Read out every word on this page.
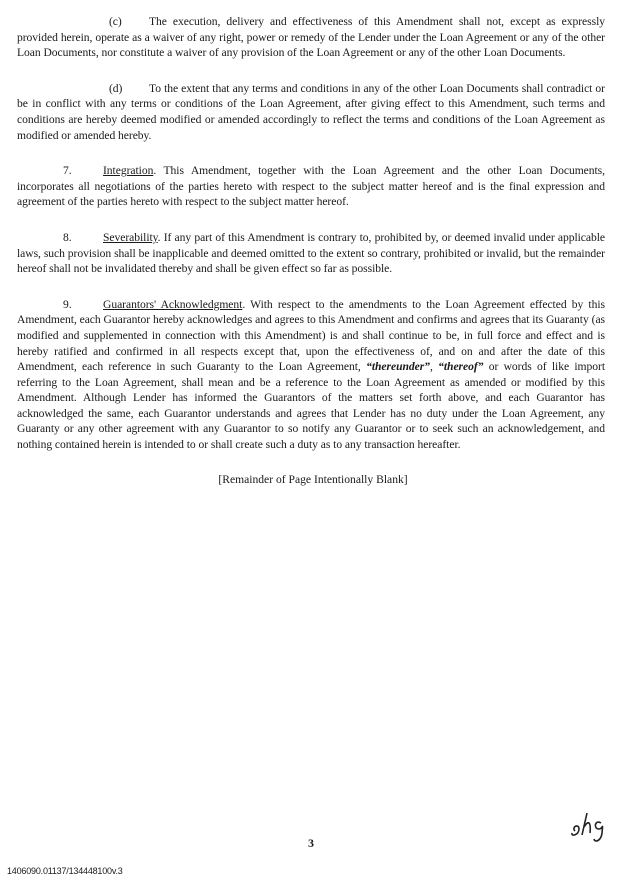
(c) The execution, delivery and effectiveness of this Amendment shall not, except as expressly provided herein, operate as a waiver of any right, power or remedy of the Lender under the Loan Agreement or any of the other Loan Documents, nor constitute a waiver of any provision of the Loan Agreement or any of the other Loan Documents.

(d) To the extent that any terms and conditions in any of the other Loan Documents shall contradict or be in conflict with any terms or conditions of the Loan Agreement, after giving effect to this Amendment, such terms and conditions are hereby deemed modified or amended accordingly to reflect the terms and conditions of the Loan Agreement as modified or amended hereby.

7.	Integration. This Amendment, together with the Loan Agreement and the other Loan Documents, incorporates all negotiations of the parties hereto with respect to the subject matter hereof and is the final expression and agreement of the parties hereto with respect to the subject matter hereof.

8.	Severability. If any part of this Amendment is contrary to, prohibited by, or deemed invalid under applicable laws, such provision shall be inapplicable and deemed omitted to the extent so contrary, prohibited or invalid, but the remainder hereof shall not be invalidated thereby and shall be given effect so far as possible.

9.	Guarantors' Acknowledgment. With respect to the amendments to the Loan Agreement effected by this Amendment, each Guarantor hereby acknowledges and agrees to this Amendment and confirms and agrees that its Guaranty (as modified and supplemented in connection with this Amendment) is and shall continue to be, in full force and effect and is hereby ratified and confirmed in all respects except that, upon the effectiveness of, and on and after the date of this Amendment, each reference in such Guaranty to the Loan Agreement, “thereunder”, “thereof” or words of like import referring to the Loan Agreement, shall mean and be a reference to the Loan Agreement as amended or modified by this Amendment. Although Lender has informed the Guarantors of the matters set forth above, and each Guarantor has acknowledged the same, each Guarantor understands and agrees that Lender has no duty under the Loan Agreement, any Guaranty or any other agreement with any Guarantor to so notify any Guarantor or to seek such an acknowledgement, and nothing contained herein is intended to or shall create such a duty as to any transaction hereafter.

[Remainder of Page Intentionally Blank]
3
1406090.01137/134448100v.3
